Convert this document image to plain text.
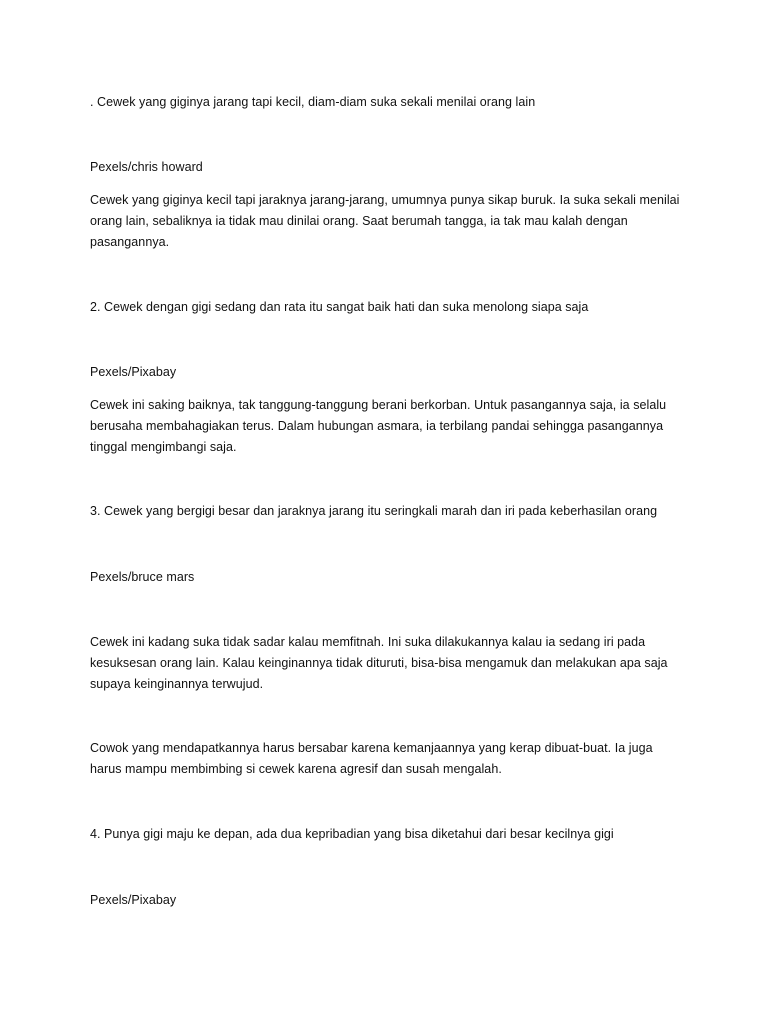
. Cewek yang giginya jarang tapi kecil, diam-diam suka sekali menilai orang lain
Pexels/chris howard
Cewek yang giginya kecil tapi jaraknya jarang-jarang, umumnya punya sikap buruk. Ia suka sekali menilai
orang lain, sebaliknya ia tidak mau dinilai orang. Saat berumah tangga, ia tak mau kalah dengan
pasangannya.
2. Cewek dengan gigi sedang dan rata itu sangat baik hati dan suka menolong siapa saja
Pexels/Pixabay
Cewek ini saking baiknya, tak tanggung-tanggung berani berkorban. Untuk pasangannya saja, ia selalu
berusaha membahagiakan terus. Dalam hubungan asmara, ia terbilang pandai sehingga pasangannya
tinggal mengimbangi saja.
3. Cewek yang bergigi besar dan jaraknya jarang itu seringkali marah dan iri pada keberhasilan orang
Pexels/bruce mars
Cewek ini kadang suka tidak sadar kalau memfitnah. Ini suka dilakukannya kalau ia sedang iri pada
kesuksesan orang lain. Kalau keinginannya tidak dituruti, bisa-bisa mengamuk dan melakukan apa saja
supaya keinginannya terwujud.
Cowok yang mendapatkannya harus bersabar karena kemanjaannya yang kerap dibuat-buat. Ia juga
harus mampu membimbing si cewek karena agresif dan susah mengalah.
4. Punya gigi maju ke depan, ada dua kepribadian yang bisa diketahui dari besar kecilnya gigi
Pexels/Pixabay
